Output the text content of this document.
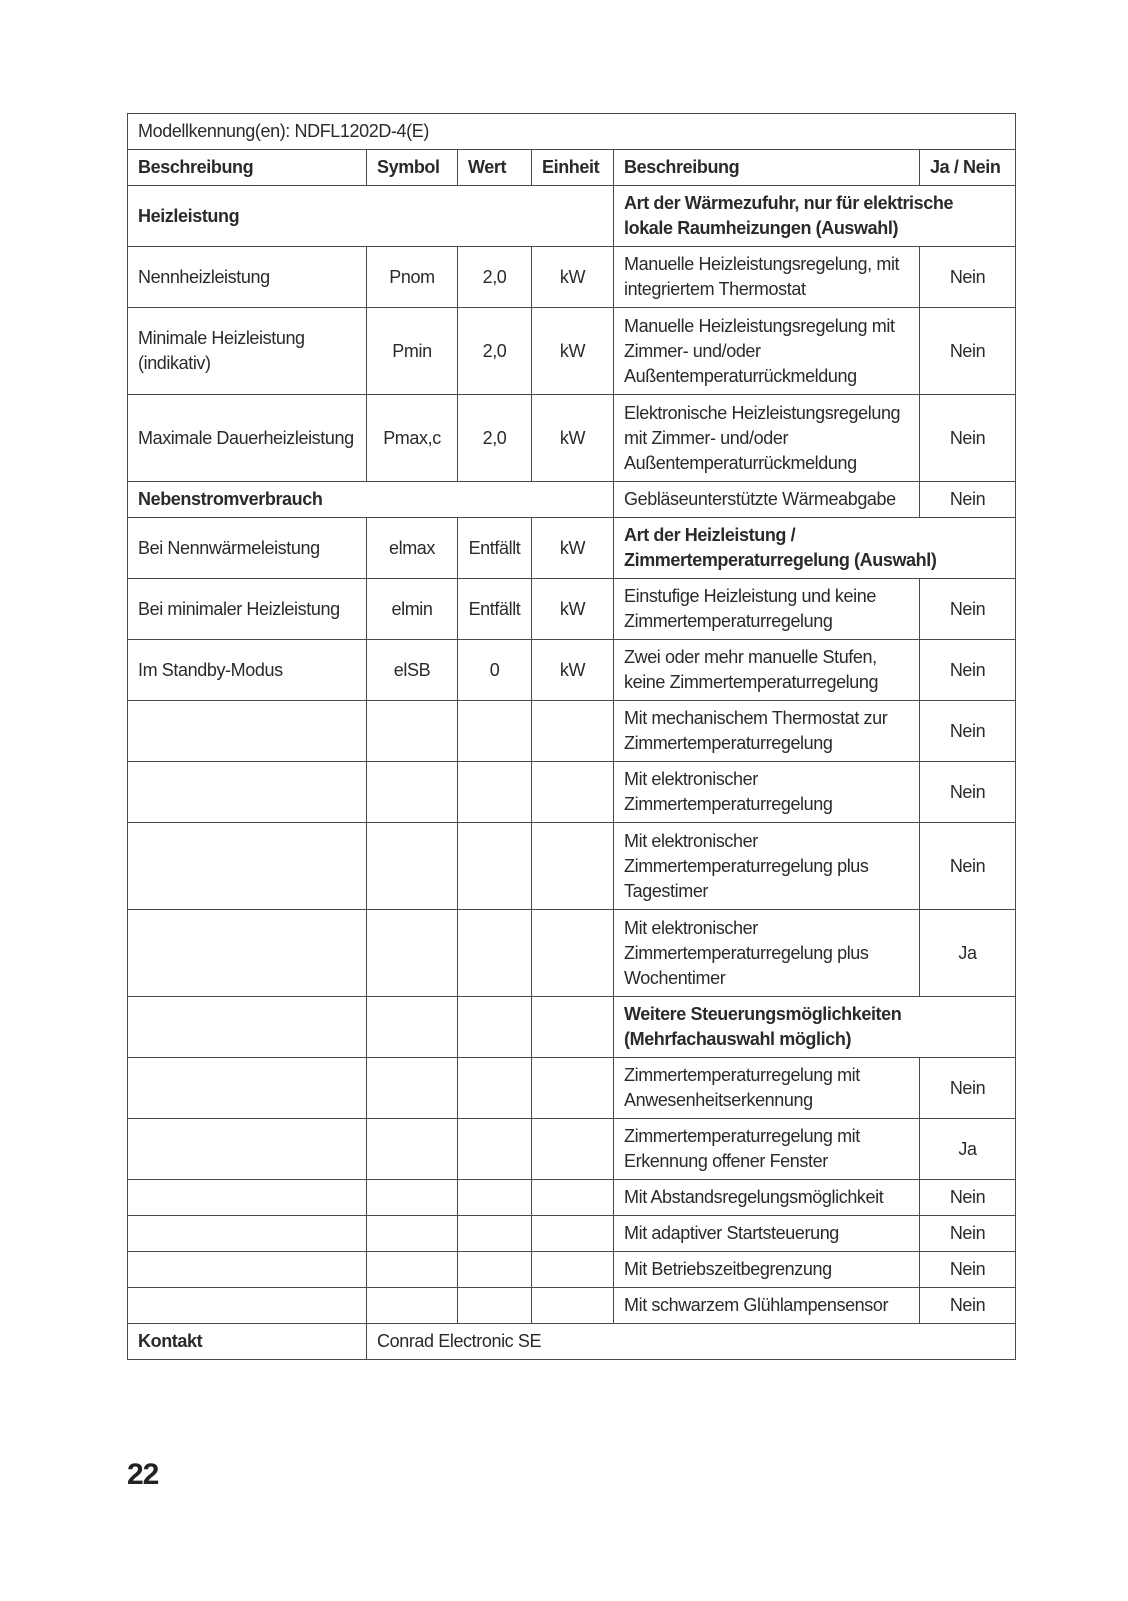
Modellkennung(en): NDFL1202D-4(E)					
Beschreibung	Symbol	Wert	Einheit	Beschreibung	Ja / Nein
Heizleistung				Art der Wärmezufuhr, nur für elektrische lokale Raumheizungen (Auswahl)	
Nennheizleistung	Pnom	2,0	kW	Manuelle Heizleistungsregelung, mit integriertem Thermostat	Nein
Minimale Heizleistung (indikativ)	Pmin	2,0	kW	Manuelle Heizleistungsregelung mit Zimmer- und/oder Außentemperaturrückmeldung	Nein
Maximale Dauerheizleistung	Pmax,c	2,0	kW	Elektronische Heizleistungsregelung mit Zimmer- und/oder Außentemperaturrückmeldung	Nein
Nebenstromverbrauch				Gebläseunterstützte Wärmeabgabe	Nein
Bei Nennwärmeleistung	elmax	Entfällt	kW	Art der Heizleistung / Zimmertemperaturregelung (Auswahl)	
Bei minimaler Heizleistung	elmin	Entfällt	kW	Einstufige Heizleistung und keine Zimmertemperaturregelung	Nein
Im Standby-Modus	elSB	0	kW	Zwei oder mehr manuelle Stufen, keine Zimmertemperaturregelung	Nein
				Mit mechanischem Thermostat zur Zimmertemperaturregelung	Nein
				Mit elektronischer Zimmertemperaturregelung	Nein
				Mit elektronischer Zimmertemperaturregelung plus Tagestimer	Nein
				Mit elektronischer Zimmertemperaturregelung plus Wochentimer	Ja
				Weitere Steuerungsmöglichkeiten (Mehrfachauswahl möglich)	
				Zimmertemperaturregelung mit Anwesenheitserkennung	Nein
				Zimmertemperaturregelung mit Erkennung offener Fenster	Ja
				Mit Abstandsregelungsmöglichkeit	Nein
				Mit adaptiver Startsteuerung	Nein
				Mit Betriebszeitbegrenzung	Nein
				Mit schwarzem Glühlampensensor	Nein
Kontakt	Conrad Electronic SE				
22
